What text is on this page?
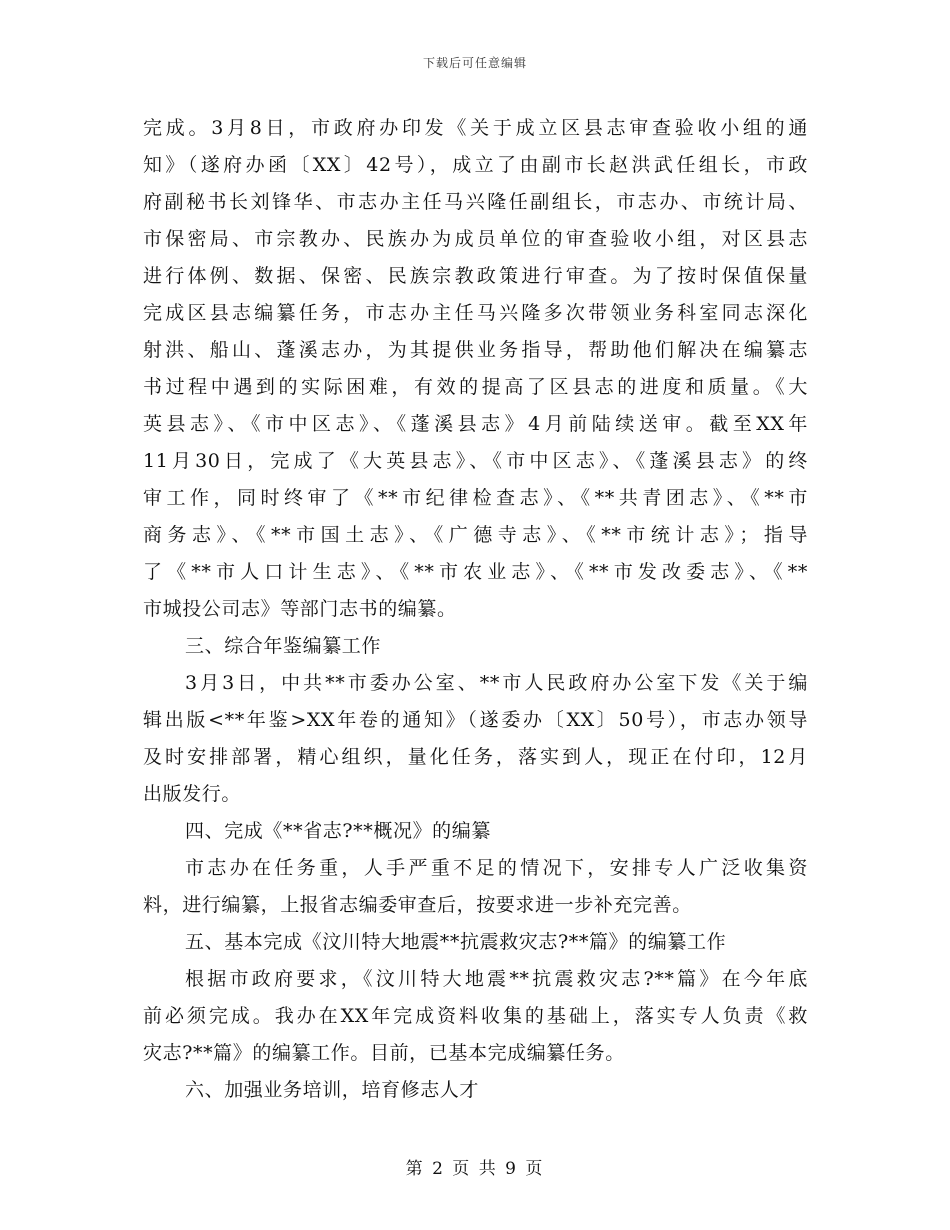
下载后可任意编辑
完成。3月8日，市政府办印发《关于成立区县志审查验收小组的通
知》（遂府办函〔XX〕42号），成立了由副市长赵洪武任组长，市政
府副秘书长刘锋华、市志办主任马兴隆任副组长，市志办、市统计局、
市保密局、市宗教办、民族办为成员单位的审查验收小组，对区县志
进行体例、数据、保密、民族宗教政策进行审查。为了按时保值保量
完成区县志编纂任务，市志办主任马兴隆多次带领业务科室同志深化
射洪、船山、蓬溪志办，为其提供业务指导，帮助他们解决在编纂志
书过程中遇到的实际困难，有效的提高了区县志的进度和质量。《大
英县志》、《市中区志》、《蓬溪县志》4月前陆续送审。截至XX年
11月30日，完成了《大英县志》、《市中区志》、《蓬溪县志》的终
审工作，同时终审了《**市纪律检查志》、《**共青团志》、《**市
商务志》、《**市国土志》、《广德寺志》、《**市统计志》；指导
了《**市人口计生志》、《**市农业志》、《**市发改委志》、《**
市城投公司志》等部门志书的编纂。
三、综合年鉴编纂工作
3月3日，中共**市委办公室、**市人民政府办公室下发《关于编
辑出版<**年鉴>XX年卷的通知》（遂委办〔XX〕50号），市志办领导
及时安排部署，精心组织，量化任务，落实到人，现正在付印，12月
出版发行。
四、完成《**省志?**概况》的编纂
市志办在任务重，人手严重不足的情况下，安排专人广泛收集资
料，进行编纂，上报省志编委审查后，按要求进一步补充完善。
五、基本完成《汶川特大地震**抗震救灾志?**篇》的编纂工作
根据市政府要求，《汶川特大地震**抗震救灾志?**篇》在今年底
前必须完成。我办在XX年完成资料收集的基础上，落实专人负责《救
灾志?**篇》的编纂工作。目前，已基本完成编纂任务。
六、加强业务培训，培育修志人才
第 2 页 共 9 页
